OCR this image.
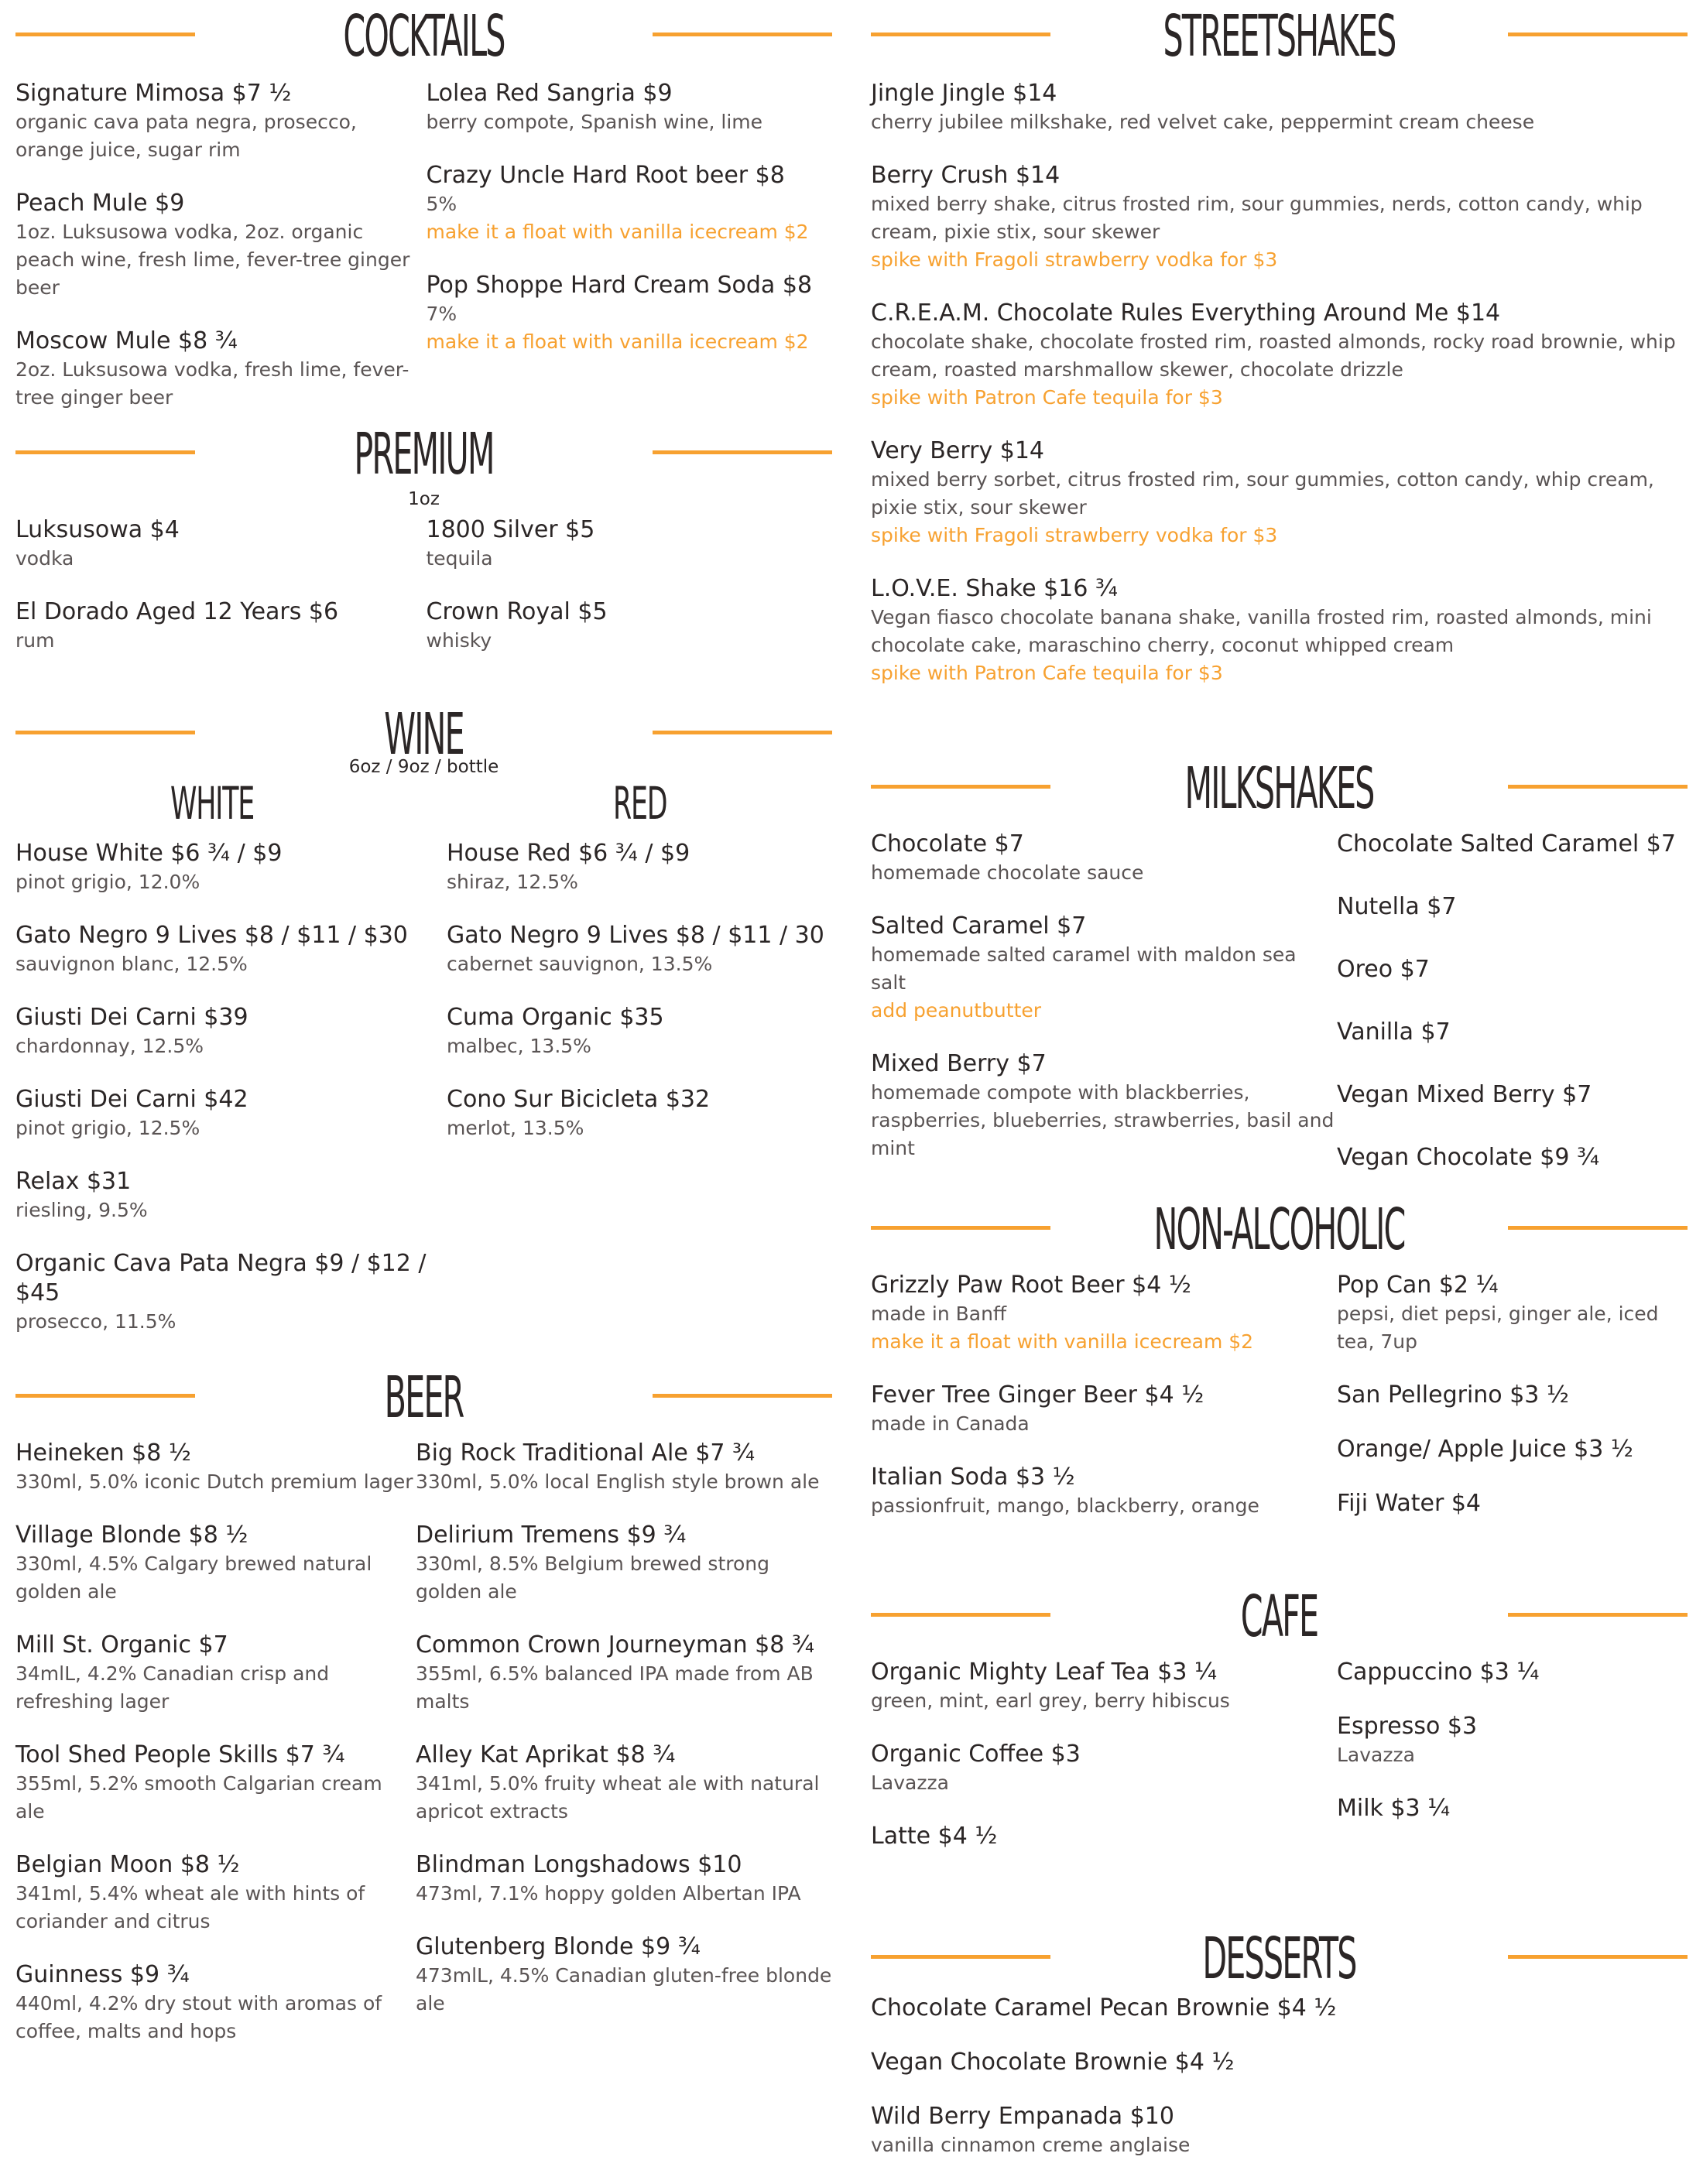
COCKTAILS
Signature Mimosa $7 ½
organic cava pata negra, prosecco, orange juice, sugar rim
Peach Mule $9
1oz. Luksusowa vodka, 2oz. organic peach wine, fresh lime, fever-tree ginger beer
Moscow Mule $8 ¾
2oz. Luksusowa vodka, fresh lime, fever-tree ginger beer
Lolea Red Sangria $9
berry compote, Spanish wine, lime
Crazy Uncle Hard Root beer $8
5%
make it a float with vanilla icecream $2
Pop Shoppe Hard Cream Soda $8
7%
make it a float with vanilla icecream $2
PREMIUM
1oz
Luksusowa $4
vodka
El Dorado Aged 12 Years $6
rum
1800 Silver $5
tequila
Crown Royal $5
whisky
WINE
6oz / 9oz / bottle
WHITE	RED
House White $6 ¾ / $9
pinot grigio, 12.0%
Gato Negro 9 Lives $8 / $11 / $30
sauvignon blanc, 12.5%
Giusti Dei Carni $39
chardonnay, 12.5%
Giusti Dei Carni $42
pinot grigio, 12.5%
Relax $31
riesling, 9.5%
Organic Cava Pata Negra $9 / $12 / $45
prosecco, 11.5%
House Red $6 ¾ / $9
shiraz, 12.5%
Gato Negro 9 Lives $8 / $11 / 30
cabernet sauvignon, 13.5%
Cuma Organic $35
malbec, 13.5%
Cono Sur Bicicleta $32
merlot, 13.5%
BEER
Heineken $8 ½
330ml, 5.0% iconic Dutch premium lager
Village Blonde $8 ½
330ml, 4.5% Calgary brewed natural golden ale
Mill St. Organic $7
34mlL, 4.2% Canadian crisp and refreshing lager
Tool Shed People Skills $7 ¾
355ml, 5.2% smooth Calgarian cream ale
Belgian Moon $8 ½
341ml, 5.4% wheat ale with hints of coriander and citrus
Guinness $9 ¾
440ml, 4.2% dry stout with aromas of coffee, malts and hops
Big Rock Traditional Ale $7 ¾
330ml, 5.0% local English style brown ale
Delirium Tremens $9 ¾
330ml, 8.5% Belgium brewed strong golden ale
Common Crown Journeyman $8 ¾
355ml, 6.5% balanced IPA made from AB malts
Alley Kat Aprikat $8 ¾
341ml, 5.0% fruity wheat ale with natural apricot extracts
Blindman Longshadows $10
473ml, 7.1% hoppy golden Albertan IPA
Glutenberg Blonde $9 ¾
473mlL, 4.5% Canadian gluten-free blonde ale
STREETSHAKES
Jingle Jingle $14
cherry jubilee milkshake, red velvet cake, peppermint cream cheese
Berry Crush $14
mixed berry shake, citrus frosted rim, sour gummies, nerds, cotton candy, whip cream, pixie stix, sour skewer
spike with Fragoli strawberry vodka for $3
C.R.E.A.M. Chocolate Rules Everything Around Me $14
chocolate shake, chocolate frosted rim, roasted almonds, rocky road brownie, whip cream, roasted marshmallow skewer, chocolate drizzle
spike with Patron Cafe tequila for $3
Very Berry $14
mixed berry sorbet, citrus frosted rim, sour gummies, cotton candy, whip cream, pixie stix, sour skewer
spike with Fragoli strawberry vodka for $3
L.O.V.E. Shake $16 ¾
Vegan fiasco chocolate banana shake, vanilla frosted rim, roasted almonds, mini chocolate cake, maraschino cherry, coconut whipped cream
spike with Patron Cafe tequila for $3
MILKSHAKES
Chocolate $7
homemade chocolate sauce
Salted Caramel $7
homemade salted caramel with maldon sea salt
add peanutbutter
Mixed Berry $7
homemade compote with blackberries, raspberries, blueberries, strawberries, basil and mint
Chocolate Salted Caramel $7
Nutella $7
Oreo $7
Vanilla $7
Vegan Mixed Berry $7
Vegan Chocolate $9 ¾
NON-ALCOHOLIC
Grizzly Paw Root Beer $4 ½
made in Banff
make it a float with vanilla icecream $2
Fever Tree Ginger Beer $4 ½
made in Canada
Italian Soda $3 ½
passionfruit, mango, blackberry, orange
Pop Can $2 ¼
pepsi, diet pepsi, ginger ale, iced tea, 7up
San Pellegrino $3 ½
Orange/ Apple Juice $3 ½
Fiji Water $4
CAFE
Organic Mighty Leaf Tea $3 ¼
green, mint, earl grey, berry hibiscus
Organic Coffee $3
Lavazza
Latte $4 ½
Cappuccino $3 ¼
Espresso $3
Lavazza
Milk $3 ¼
DESSERTS
Chocolate Caramel Pecan Brownie $4 ½
Vegan Chocolate Brownie $4 ½
Wild Berry Empanada $10
vanilla cinnamon creme anglaise
